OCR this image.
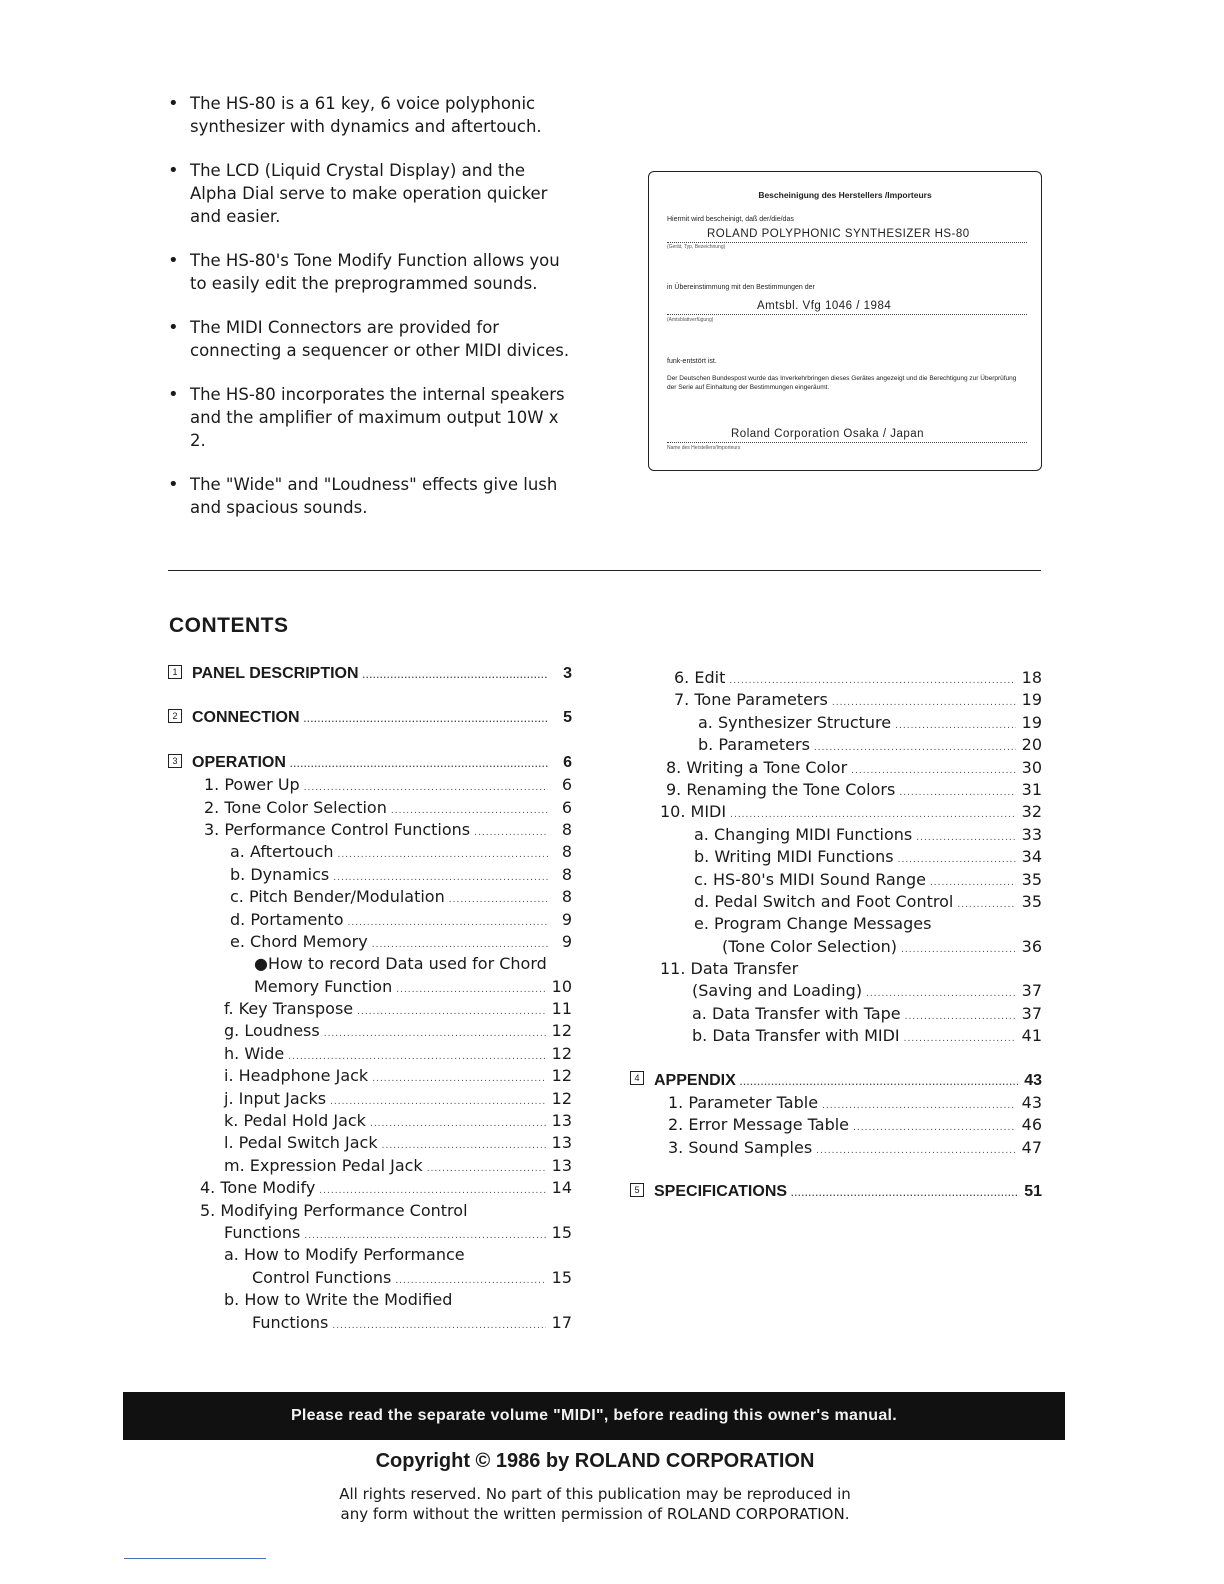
• The HS-80 is a 61 key, 6 voice polyphonic synthesizer with dynamics and aftertouch.
• The LCD (Liquid Crystal Display) and the Alpha Dial serve to make operation quicker and easier.
• The HS-80's Tone Modify Function allows you to easily edit the preprogrammed sounds.
• The MIDI Connectors are provided for connecting a sequencer or other MIDI divices.
• The HS-80 incorporates the internal speakers and the amplifier of maximum output 10W x 2.
• The "Wide" and "Loudness" effects give lush and spacious sounds.
Bescheinigung des Herstellers /Importeurs
Hiermit wird bescheinigt, daß der/die/das
ROLAND POLYPHONIC SYNTHESIZER HS-80
(Gerät, Typ, Bezeichnung)
in Übereinstimmung mit den Bestimmungen der
Amtsbl. Vfg 1046 / 1984
(Amtsblattverfügung)
funk-entstört ist.
Der Deutschen Bundespost wurde das Inverkehrbringen dieses Gerätes angezeigt und die Berechtigung zur Überprüfung der Serie auf Einhaltung der Bestimmungen eingeräumt.
Roland Corporation Osaka / Japan
Name des Herstellers/Importeurs
CONTENTS
1 PANEL DESCRIPTION .....	3
2 CONNECTION .....	5
3 OPERATION .....	6
1. Power Up .....	6
2. Tone Color Selection .....	6
3. Performance Control Functions .....	8
a. Aftertouch .....	8
b. Dynamics .....	8
c. Pitch Bender/Modulation .....	8
d. Portamento .....	9
e. Chord Memory .....	9
●How to record Data used for Chord
Memory Function .....	10
f. Key Transpose .....	11
g. Loudness .....	12
h. Wide .....	12
i. Headphone Jack .....	12
j. Input Jacks .....	12
k. Pedal Hold Jack .....	13
l. Pedal Switch Jack .....	13
m. Expression Pedal Jack .....	13
4. Tone Modify .....	14
5. Modifying Performance Control
Functions .....	15
a. How to Modify Performance
Control Functions .....	15
b. How to Write the Modified
Functions .....	17
6. Edit .....	18
7. Tone Parameters .....	19
a. Synthesizer Structure .....	19
b. Parameters .....	20
8. Writing a Tone Color .....	30
9. Renaming the Tone Colors .....	31
10. MIDI .....	32
a. Changing MIDI Functions .....	33
b. Writing MIDI Functions .....	34
c. HS-80's MIDI Sound Range .....	35
d. Pedal Switch and Foot Control .....	35
e. Program Change Messages
(Tone Color Selection) .....	36
11. Data Transfer
(Saving and Loading) .....	37
a. Data Transfer with Tape .....	37
b. Data Transfer with MIDI .....	41
4 APPENDIX .....	43
1. Parameter Table .....	43
2. Error Message Table .....	46
3. Sound Samples .....	47
5 SPECIFICATIONS .....	51
Please read the separate volume "MIDI", before reading this owner's manual.
Copyright © 1986 by ROLAND CORPORATION
All rights reserved. No part of this publication may be reproduced in
any form without the written permission of ROLAND CORPORATION.
